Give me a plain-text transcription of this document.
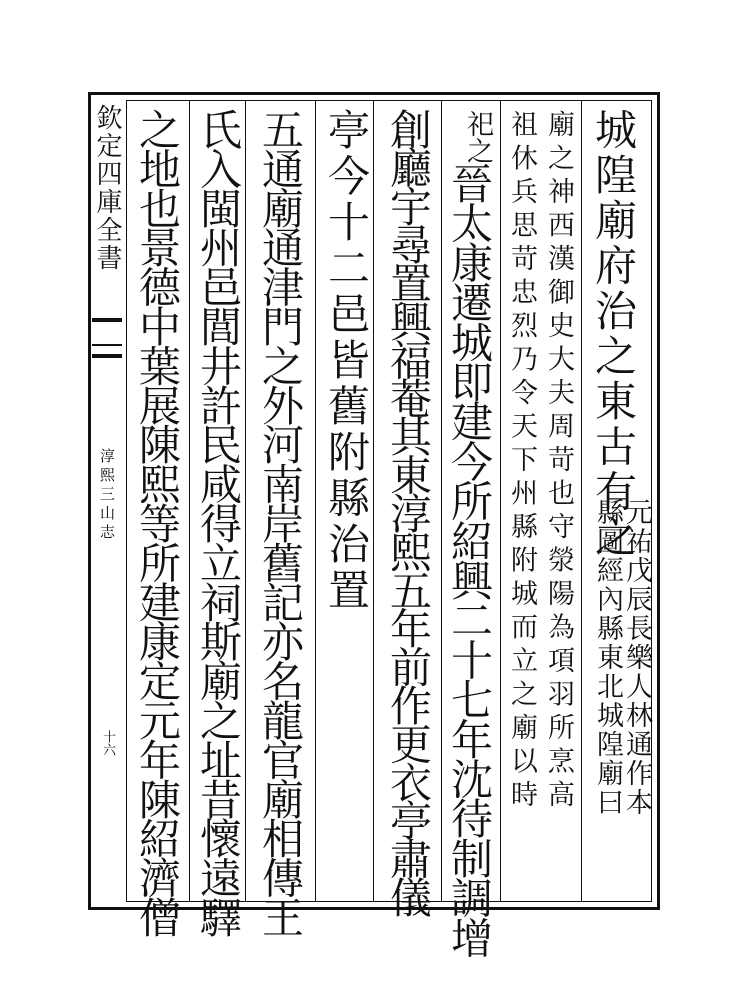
欽定四庫全書
淳熙三山志
十六
城隍廟府治之東古有之
元祐戊辰長樂人林通作本
縣圖經內縣東北城隍廟曰
廟之神西漢御史大夫周苛也守滎陽為項羽所烹高
祖休兵思苛忠烈乃令天下州縣附城而立之廟以時
祀之
晉太康遷城即建今所紹興二十七年沈待制調增
創廳宇尋置興福菴其東淳熙五年前作更衣亭肅儀
亭今十二邑皆舊附縣治置
五通廟通津門之外河南岸舊記亦名龍官廟相傳王
氏入閩州邑閭井許民咸得立祠斯廟之址昔懷遠驛
之地也景德中葉展陳熙等所建康定元年陳紹濟僧
